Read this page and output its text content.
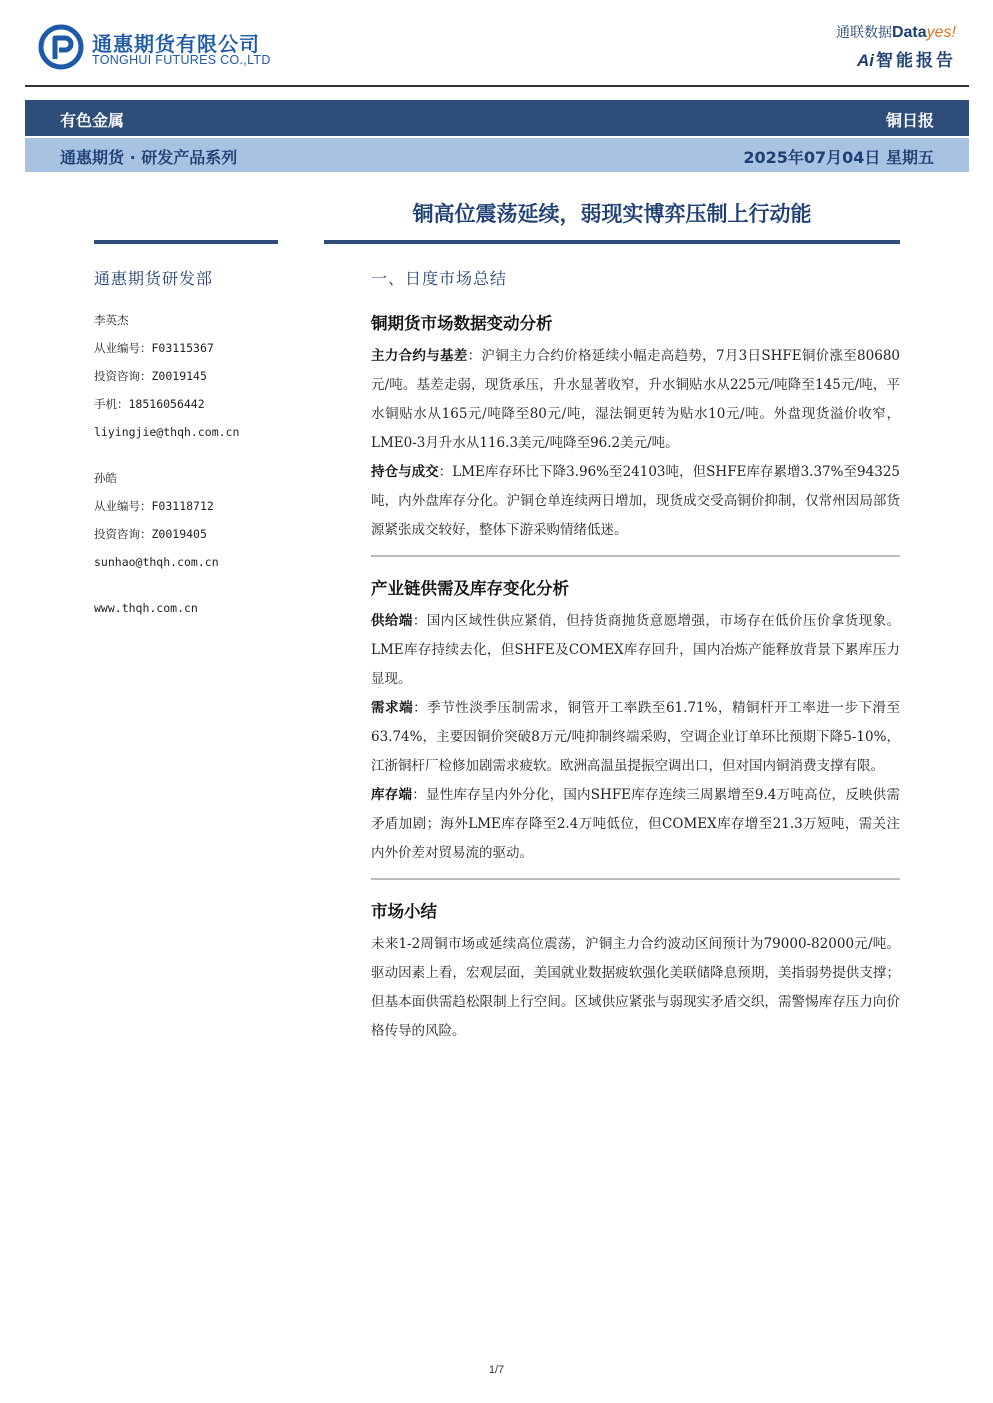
通惠期货有限公司
TONGHUI FUTURES CO.,LTD
通联数据Datayes!
Ai 智能报告
有色金属	铜日报
通惠期货 · 研发产品系列	2025年07月04日 星期五
铜高位震荡延续，弱现实博弈压制上行动能
通惠期货研发部
李英杰
从业编号：F03115367
投资咨询：Z0019145
手机：18516056442
liyingjie@thqh.com.cn
孙皓
从业编号：F03118712
投资咨询：Z0019405
sunhao@thqh.com.cn
www.thqh.com.cn
一、日度市场总结
铜期货市场数据变动分析

主力合约与基差：沪铜主力合约价格延续小幅走高趋势，7月3日SHFE铜价涨至80680元/吨。基差走弱，现货承压，升水显著收窄，升水铜贴水从225元/吨降至145元/吨，平水铜贴水从165元/吨降至80元/吨，湿法铜更转为贴水10元/吨。外盘现货溢价收窄，LME0-3月升水从116.3美元/吨降至96.2美元/吨。

持仓与成交：LME库存环比下降3.96%至24103吨，但SHFE库存累增3.37%至94325吨，内外盘库存分化。沪铜仓单连续两日增加，现货成交受高铜价抑制，仅常州因局部货源紧张成交较好，整体下游采购情绪低迷。

产业链供需及库存变化分析

供给端：国内区域性供应紧俏，但持货商抛货意愿增强，市场存在低价压价拿货现象。LME库存持续去化，但SHFE及COMEX库存回升，国内冶炼产能释放背景下累库压力显现。

需求端：季节性淡季压制需求，铜管开工率跌至61.71%，精铜杆开工率进一步下滑至63.74%，主要因铜价突破8万元/吨抑制终端采购，空调企业订单环比预期下降5-10%，江浙铜杆厂检修加剧需求疲软。欧洲高温虽提振空调出口，但对国内铜消费支撑有限。

库存端：显性库存呈内外分化，国内SHFE库存连续三周累增至9.4万吨高位，反映供需矛盾加剧；海外LME库存降至2.4万吨低位，但COMEX库存增至21.3万短吨，需关注内外价差对贸易流的驱动。

市场小结

未来1-2周铜市场或延续高位震荡，沪铜主力合约波动区间预计为79000-82000元/吨。驱动因素上看，宏观层面，美国就业数据疲软强化美联储降息预期，美指弱势提供支撑；但基本面供需趋松限制上行空间。区域供应紧张与弱现实矛盾交织，需警惕库存压力向价格传导的风险。

1/7
